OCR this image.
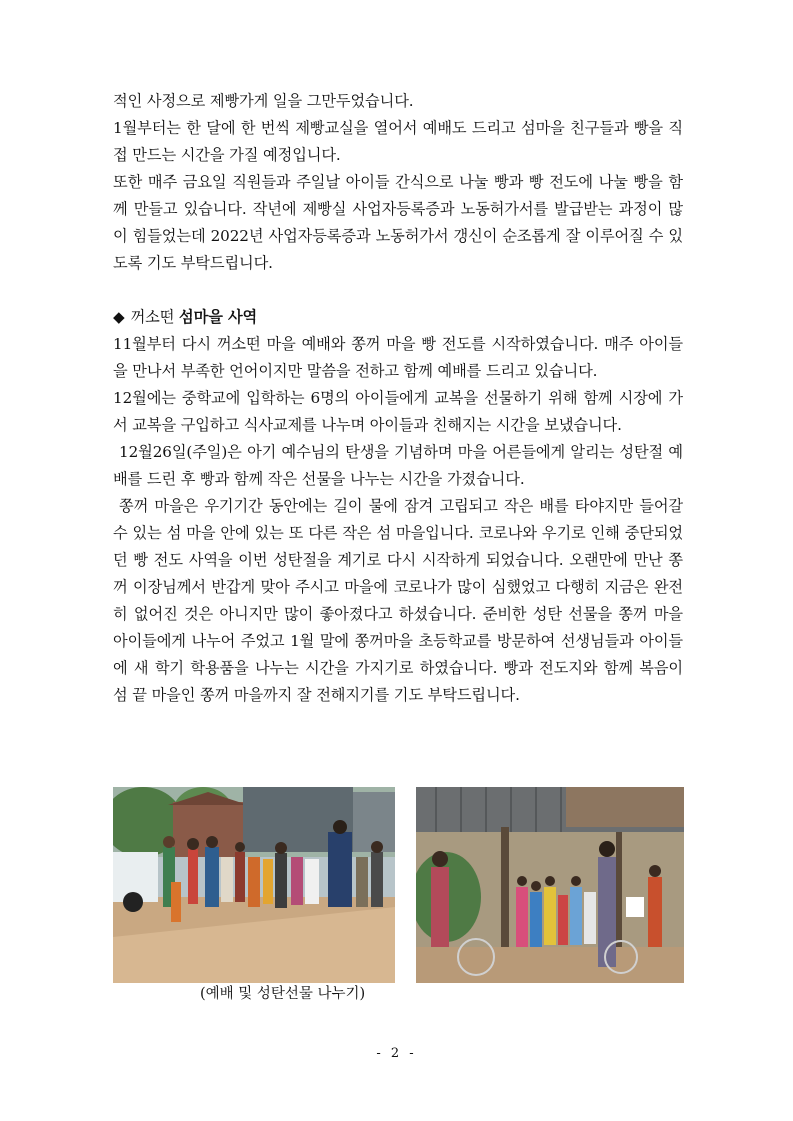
적인 사정으로 제빵가게 일을 그만두었습니다.

1월부터는 한 달에 한 번씩 제빵교실을 열어서 예배도 드리고 섬마을 친구들과 빵을 직접 만드는 시간을 가질 예정입니다.

또한 매주 금요일 직원들과 주일날 아이들 간식으로 나눌 빵과 빵 전도에 나눌 빵을 함께 만들고 있습니다. 작년에 제빵실 사업자등록증과 노동허가서를 발급받는 과정이 많이 힘들었는데 2022년 사업자등록증과 노동허가서 갱신이 순조롭게 잘 이루어질 수 있도록 기도 부탁드립니다.

◆ 꺼소떤 섬마을 사역

11월부터 다시 꺼소떤 마을 예배와 쫑꺼 마을 빵 전도를 시작하였습니다. 매주 아이들을 만나서 부족한 언어이지만 말씀을 전하고 함께 예배를 드리고 있습니다.

12월에는 중학교에 입학하는 6명의 아이들에게 교복을 선물하기 위해 함께 시장에 가서 교복을 구입하고 식사교제를 나누며 아이들과 친해지는 시간을 보냈습니다.

12월26일(주일)은 아기 예수님의 탄생을 기념하며 마을 어른들에게 알리는 성탄절 예배를 드린 후 빵과 함께 작은 선물을 나누는 시간을 가졌습니다.

쫑꺼 마을은 우기기간 동안에는 길이 물에 잠겨 고립되고 작은 배를 타야지만 들어갈 수 있는 섬 마을 안에 있는 또 다른 작은 섬 마을입니다. 코로나와 우기로 인해 중단되었던 빵 전도 사역을 이번 성탄절을 계기로 다시 시작하게 되었습니다. 오랜만에 만난 쫑꺼 이장님께서 반갑게 맞아 주시고 마을에 코로나가 많이 심했었고 다행히 지금은 완전히 없어진 것은 아니지만 많이 좋아졌다고 하셨습니다. 준비한 성탄 선물을 쫑꺼 마을 아이들에게 나누어 주었고 1월 말에 쫑꺼마을 초등학교를 방문하여 선생님들과 아이들에 새 학기 학용품을 나누는 시간을 가지기로 하였습니다. 빵과 전도지와 함께 복음이 섬 끝 마을인 쫑꺼 마을까지 잘 전해지기를 기도 부탁드립니다.

(예배 및 성탄선물 나누기)
- 2 -
